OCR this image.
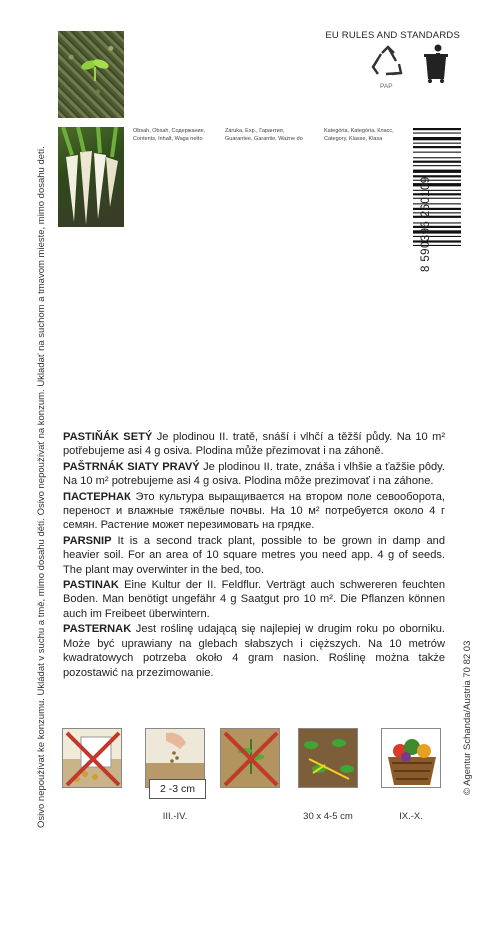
Osivo nepoužívat ke konzumu. Ukládat v suchu a tmě, mimo dosahu dětí. Osivo nepoužívať na konzum. Ukladať na suchom a tmavom mieste, mimo dosahu detí.	© Agentur Schanda/Austria 70 82 03
EU RULES AND STANDARDS
PAP
Obsah, Obsah, Содержание,
Contents, Inhalt, Waga netto
Záruka, Exp., Гарантия,
Guarantee, Garantie, Ważne do
Kategória, Kategória, Класс,
Category, Klasse, Klasa
8 590396 260109

PASTIŇÁK SETÝ Je plodinou II. tratě, snáší i vlhčí a těžší půdy. Na 10 m² potřebujeme asi 4 g osiva. Plodina může přezimovat i na záhoně.

PAŠTRNÁK SIATY PRAVÝ Je plodinou II. trate, znáša i vlhšie a ťažšie pôdy. Na 10 m² potrebujeme asi 4 g osiva. Plodina môže prezimovať i na záhone.

ПАСТЕРНАК Это культура выращивается на втором поле севооборота, переност и влажные тяжёлые почвы. На 10 м² потребуется около 4 г семян. Растение может перезимовать на грядке.

PARSNIP It is a second track plant, possible to be grown in damp and heavier soil. For an area of 10 square metres you need app. 4 g of seeds. The plant may overwinter in the bed, too.

PASTINAK Eine Kultur der II. Feldflur. Verträgt auch schwereren feuchten Boden. Man benötigt ungefähr 4 g Saatgut pro 10 m². Die Pflanzen können auch im Freibeet überwintern.

PASTERNAK Jest roślinę udającą się najlepiej w drugim roku po oborniku. Może być uprawiany na glebach słabszych i cięższych. Na 10 metrów kwadratowych potrzeba około 4 gram nasion. Roślinę można także pozostawić na przezimowanie.

2 -3 cm
III.-IV.	30 x 4-5 cm	IX.-X.
